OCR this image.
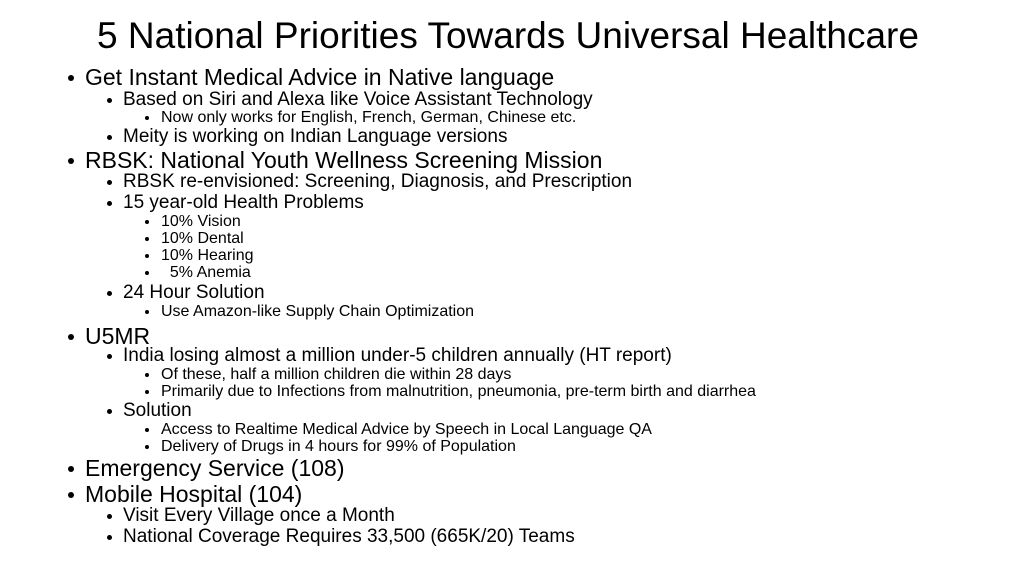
5 National Priorities Towards Universal Healthcare
Get Instant Medical Advice in Native language
Based on Siri and Alexa like Voice Assistant Technology
Now only works for English, French, German, Chinese etc.
Meity is working on Indian Language versions
RBSK: National Youth Wellness Screening Mission
RBSK re-envisioned: Screening, Diagnosis, and Prescription
15 year-old Health Problems
10% Vision
10% Dental
10% Hearing
5% Anemia
24 Hour Solution
Use Amazon-like Supply Chain Optimization
U5MR
India losing almost a million under-5 children annually (HT report)
Of these, half a million children die within 28 days
Primarily due to Infections from malnutrition, pneumonia, pre-term birth and diarrhea
Solution
Access to Realtime Medical Advice by Speech in Local Language QA
Delivery of Drugs in 4 hours for 99% of Population
Emergency Service (108)
Mobile Hospital (104)
Visit Every Village once a Month
National Coverage Requires 33,500 (665K/20) Teams
